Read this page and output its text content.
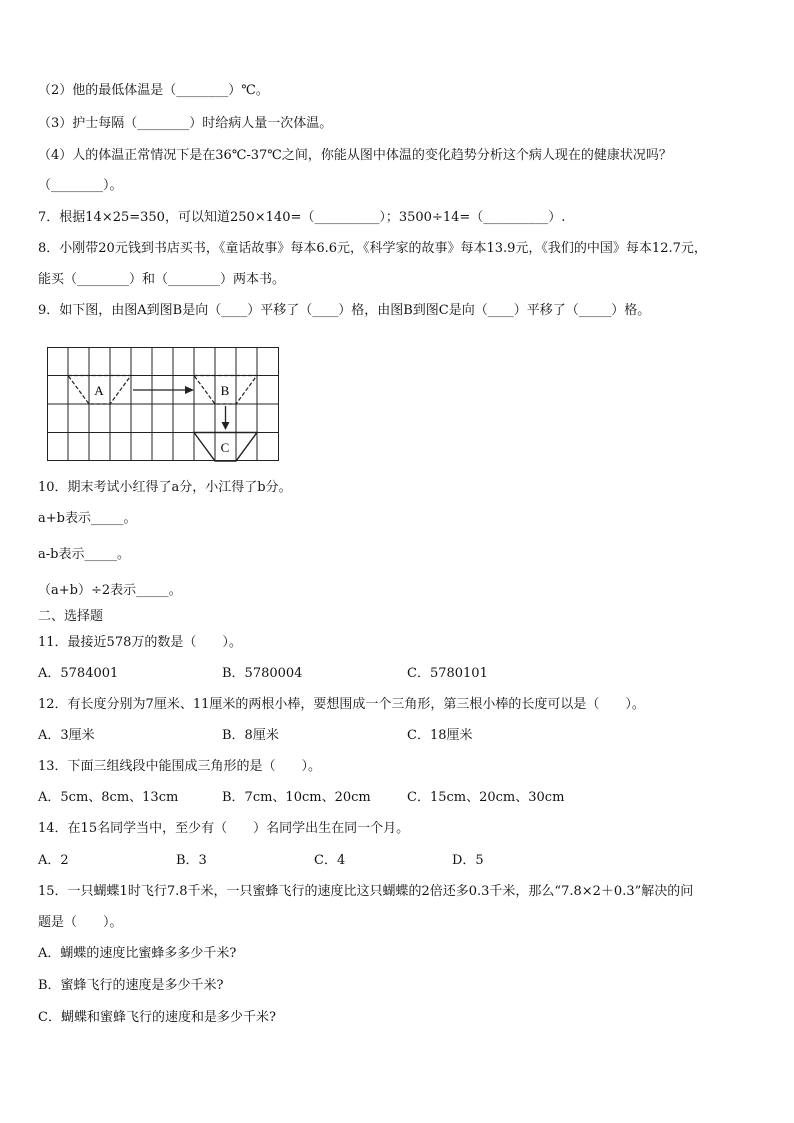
（2）他的最低体温是（________）℃。
（3）护士每隔（________）时给病人量一次体温。
（4）人的体温正常情况下是在36℃-37℃之间，你能从图中体温的变化趋势分析这个病人现在的健康状况吗？
（________）。
7．根据14×25=350，可以知道250×140=（__________）；3500÷14=（__________）.
8．小刚带20元钱到书店买书，《童话故事》每本6.6元，《科学家的故事》每本13.9元，《我们的中国》每本12.7元，
能买（________）和（________）两本书。
9．如下图，由图A到图B是向（____）平移了（____）格，由图B到图C是向（____）平移了（_____）格。
A	B
C
10．期末考试小红得了a分，小江得了b分。
a+b表示_____。
a-b表示_____。
（a+b）÷2表示_____。
二、选择题
11．最接近578万的数是（　　）。
A．5784001	B．5780004	C．5780101
12．有长度分别为7厘米、11厘米的两根小棒，要想围成一个三角形，第三根小棒的长度可以是（　　）。
A．3厘米	B．8厘米	C．18厘米
13．下面三组线段中能围成三角形的是（　　）。
A．5cm、8cm、13cm	B．7cm、10cm、20cm	C．15cm、20cm、30cm
14．在15名同学当中，至少有（　　）名同学出生在同一个月。
A．2	B．3	C．4	D．5
15．一只蝴蝶1时飞行7.8千米，一只蜜蜂飞行的速度比这只蝴蝶的2倍还多0.3千米，那么“7.8×2＋0.3”解决的问
题是（　　）。
A．蝴蝶的速度比蜜蜂多多少千米?
B．蜜蜂飞行的速度是多少千米?
C．蝴蝶和蜜蜂飞行的速度和是多少千米?
